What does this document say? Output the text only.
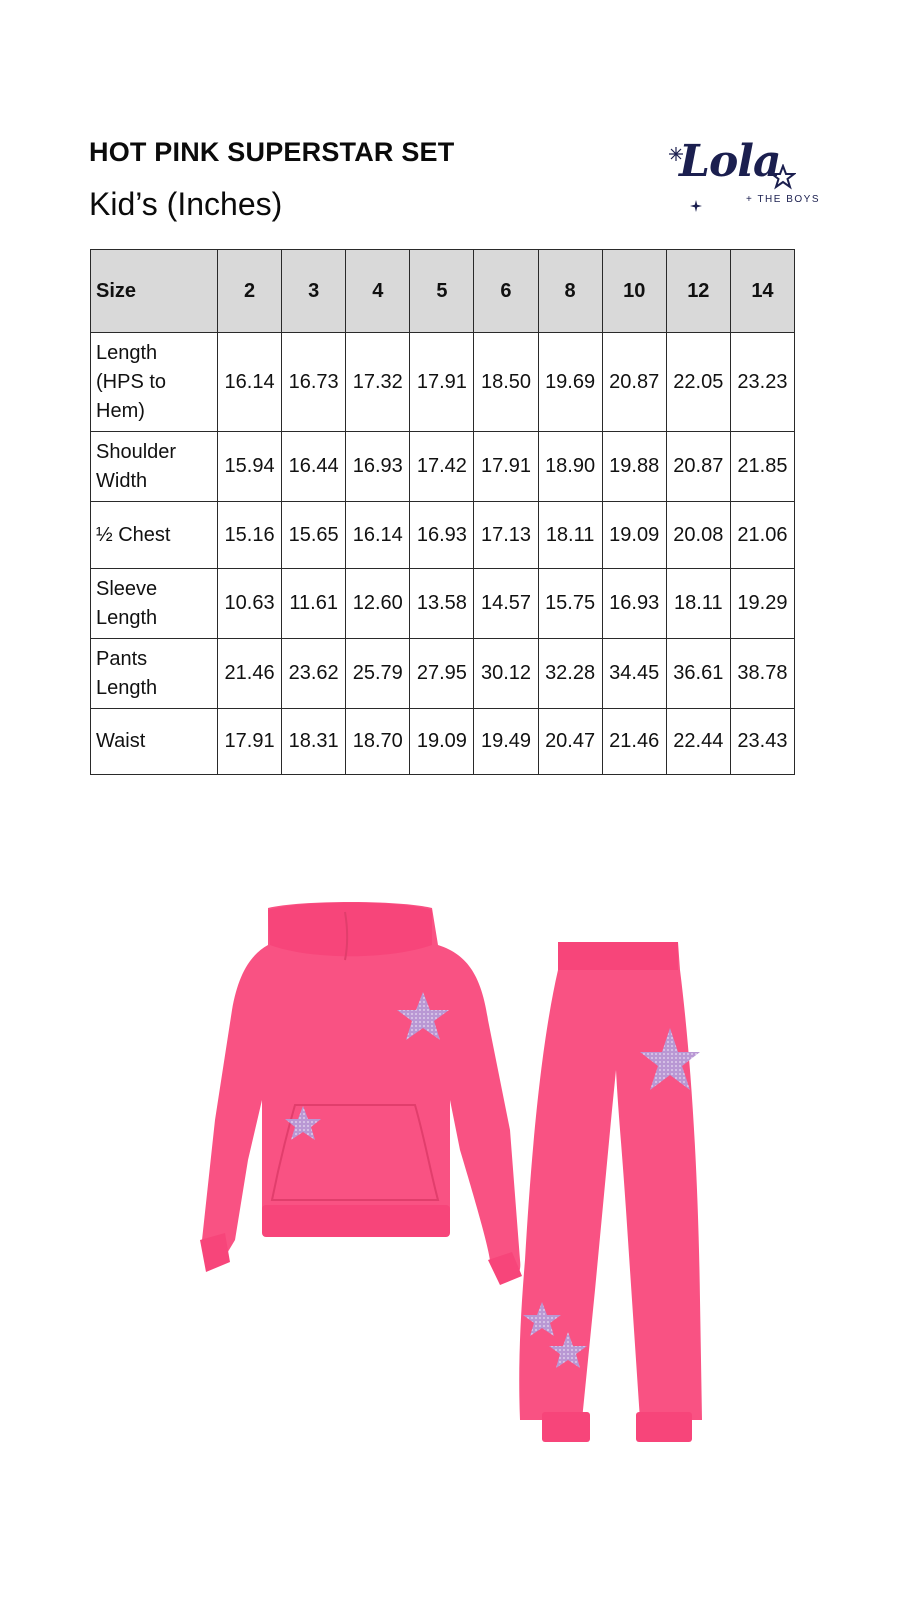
HOT PINK SUPERSTAR SET
Kid’s (Inches)
Lola
+ THE BOYS
Size	2	3	4	5	6	8	10	12	14

Length
(HPS to
Hem)	16.14	16.73	17.32	17.91	18.50	19.69	20.87	22.05	23.23

Shoulder
Width	15.94	16.44	16.93	17.42	17.91	18.90	19.88	20.87	21.85

½ Chest	15.16	15.65	16.14	16.93	17.13	18.11	19.09	20.08	21.06

Sleeve
Length	10.63	11.61	12.60	13.58	14.57	15.75	16.93	18.11	19.29

Pants
Length	21.46	23.62	25.79	27.95	30.12	32.28	34.45	36.61	38.78

Waist	17.91	18.31	18.70	19.09	19.49	20.47	21.46	22.44	23.43
